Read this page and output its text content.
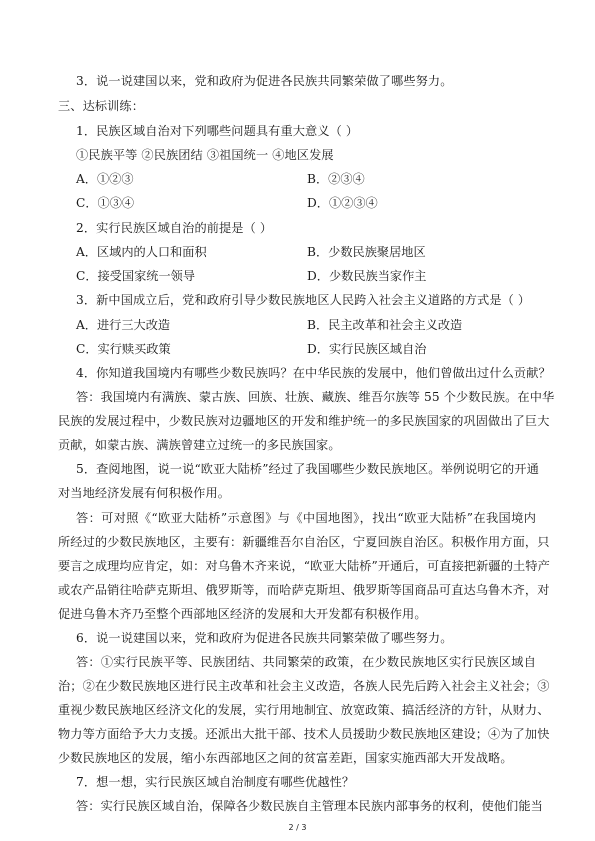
3．说一说建国以来，党和政府为促进各民族共同繁荣做了哪些努力。
三、达标训练：
1．民族区域自治对下列哪些问题具有重大意义（ ）
①民族平等 ②民族团结 ③祖国统一 ④地区发展
A．①②③	B．②③④
C．①③④	D．①②③④
2．实行民族区域自治的前提是（ ）
A．区域内的人口和面积	B．少数民族聚居地区
C．接受国家统一领导	D．少数民族当家作主
3．新中国成立后，党和政府引导少数民族地区人民跨入社会主义道路的方式是（ ）
A．进行三大改造	B．民主改革和社会主义改造
C．实行赎买政策	D．实行民族区域自治
4．你知道我国境内有哪些少数民族吗？在中华民族的发展中，他们曾做出过什么贡献？
答：我国境内有满族、蒙古族、回族、壮族、藏族、维吾尔族等 55 个少数民族。在中华
民族的发展过程中，少数民族对边疆地区的开发和维护统一的多民族国家的巩固做出了巨大
贡献，如蒙古族、满族曾建立过统一的多民族国家。
5．查阅地图，说一说“欧亚大陆桥”经过了我国哪些少数民族地区。举例说明它的开通
对当地经济发展有何积极作用。
答：可对照《“欧亚大陆桥”示意图》与《中国地图》，找出“欧亚大陆桥”在我国境内
所经过的少数民族地区，主要有：新疆维吾尔自治区，宁夏回族自治区。积极作用方面，只
要言之成理均应肯定，如：对乌鲁木齐来说，“欧亚大陆桥”开通后，可直接把新疆的土特产
或农产品销往哈萨克斯坦、俄罗斯等，而哈萨克斯坦、俄罗斯等国商品可直达乌鲁木齐，对
促进乌鲁木齐乃至整个西部地区经济的发展和大开发都有积极作用。
6．说一说建国以来，党和政府为促进各民族共同繁荣做了哪些努力。
答：①实行民族平等、民族团结、共同繁荣的政策，在少数民族地区实行民族区域自
治；②在少数民族地区进行民主改革和社会主义改造，各族人民先后跨入社会主义社会；③
重视少数民族地区经济文化的发展，实行用地制宜、放宽政策、搞活经济的方针，从财力、
物力等方面给予大力支援。还派出大批干部、技术人员援助少数民族地区建设；④为了加快
少数民族地区的发展，缩小东西部地区之间的贫富差距，国家实施西部大开发战略。
7．想一想，实行民族区域自治制度有哪些优越性？
答：实行民族区域自治，保障各少数民族自主管理本民族内部事务的权利，使他们能当
2 / 3
